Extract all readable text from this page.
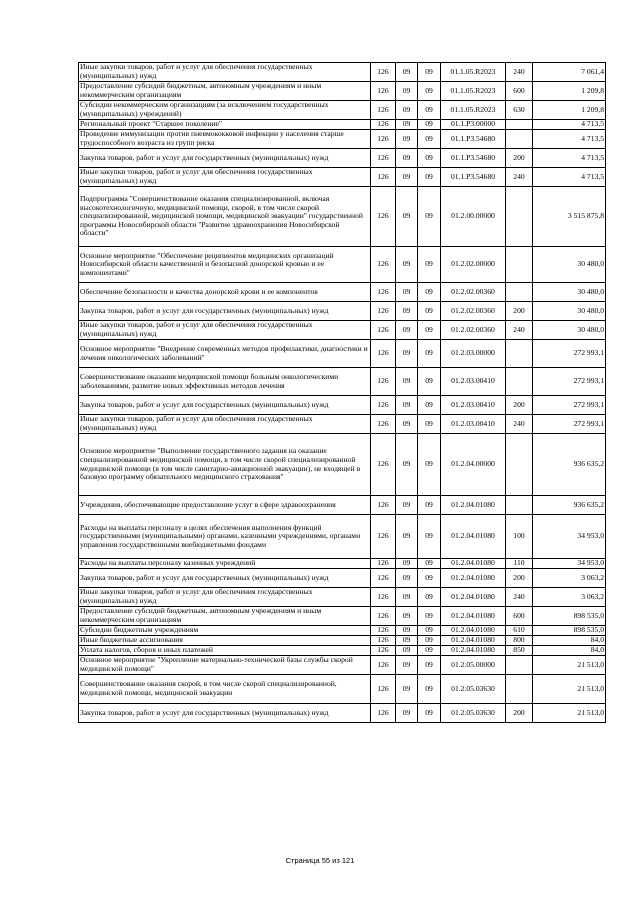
Иные закупки товаров, работ и услуг для обеспечения государственных (муниципальных) нужд	126	09	09	01.1.05.R2023	240	7 061,4
Предоставление субсидий бюджетным, автономным учреждениям и иным некоммерческим организациям	126	09	09	01.1.05.R2023	600	1 209,8
Субсидии некоммерческим организациям (за исключением государственных (муниципальных) учреждений)	126	09	09	01.1.05.R2023	630	1 209,8
Региональный проект "Старшее поколение"	126	09	09	01.1.P3.00000		4 713,5
Проведение иммунизации против пневмококковой инфекции у населения старше трудоспособного возраста из групп риска	126	09	09	01.1.P3.54680		4 713,5
Закупка товаров, работ и услуг для государственных (муниципальных) нужд	126	09	09	01.1.P3.54680	200	4 713,5
Иные закупки товаров, работ и услуг для обеспечения государственных (муниципальных) нужд	126	09	09	01.1.P3.54680	240	4 713,5
Подпрограмма "Совершенствование оказания специализированной, включая высокотехнологичную, медицинской помощи, скорой, в том числе скорой специализированной, медицинской помощи, медицинской эвакуации" государственной программы Новосибирской области "Развитие здравоохранения Новосибирской области"	126	09	09	01.2.00.00000		3 515 875,8
Основное мероприятие "Обеспечение реципиентов медицинских организаций Новосибирской области качественной и безопасной донорской кровью и ее компонентами"	126	09	09	01.2.02.00000		30 480,0
Обеспечение безопасности и качества донорской крови и ее компонентов	126	09	09	01.2.02.00360		30 480,0
Закупка товаров, работ и услуг для государственных (муниципальных) нужд	126	09	09	01.2.02.00360	200	30 480,0
Иные закупки товаров, работ и услуг для обеспечения государственных (муниципальных) нужд	126	09	09	01.2.02.00360	240	30 480,0
Основное мероприятие "Внедрение современных методов профилактики, диагностики и лечения онкологических заболеваний"	126	09	09	01.2.03.00000		272 993,1
Совершенствование оказания медицинской помощи больным онкологическими заболеваниями, развитие новых эффективных методов лечения	126	09	09	01.2.03.00410		272 993,1
Закупка товаров, работ и услуг для государственных (муниципальных) нужд	126	09	09	01.2.03.00410	200	272 993,1
Иные закупки товаров, работ и услуг для обеспечения государственных (муниципальных) нужд	126	09	09	01.2.03.00410	240	272 993,1
Основное мероприятие "Выполнение государственного задания на оказание специализированной медицинской помощи, в том числе скорой специализированной медицинской помощи (в том числе санитарно-авиационной эвакуации), не входящей в базовую программу обязательного медицинского страхования"	126	09	09	01.2.04.00000		936 635,2
Учреждения, обеспечивающие предоставление услуг в сфере здравоохранения	126	09	09	01.2.04.01080		936 635,2
Расходы на выплаты персоналу в целях обеспечения выполнения функций государственными (муниципальными) органами, казенными учреждениями, органами управления государственными внебюджетными фондами	126	09	09	01.2.04.01080	100	34 953,0
Расходы на выплаты персоналу казенных учреждений	126	09	09	01.2.04.01080	110	34 953,0
Закупка товаров, работ и услуг для государственных (муниципальных) нужд	126	09	09	01.2.04.01080	200	3 063,2
Иные закупки товаров, работ и услуг для обеспечения государственных (муниципальных) нужд	126	09	09	01.2.04.01080	240	3 063,2
Предоставление субсидий бюджетным, автономным учреждениям и иным некоммерческим организациям	126	09	09	01.2.04.01080	600	898 535,0
Субсидии бюджетным учреждениям	126	09	09	01.2.04.01080	610	898 535,0
Иные бюджетные ассигнования	126	09	09	01.2.04.01080	800	84,0
Уплата налогов, сборов и иных платежей	126	09	09	01.2.04.01080	850	84,0
Основное мероприятие "Укрепление материально-технической базы службы скорой медицинской помощи"	126	09	09	01.2.05.00000		21 513,0
Совершенствование оказания скорой, в том числе скорой специализированной, медицинской помощи, медицинской эвакуации	126	09	09	01.2.05.03630		21 513,0
Закупка товаров, работ и услуг для государственных (муниципальных) нужд	126	09	09	01.2.05.03630	200	21 513,0
Страница 55 из 121
